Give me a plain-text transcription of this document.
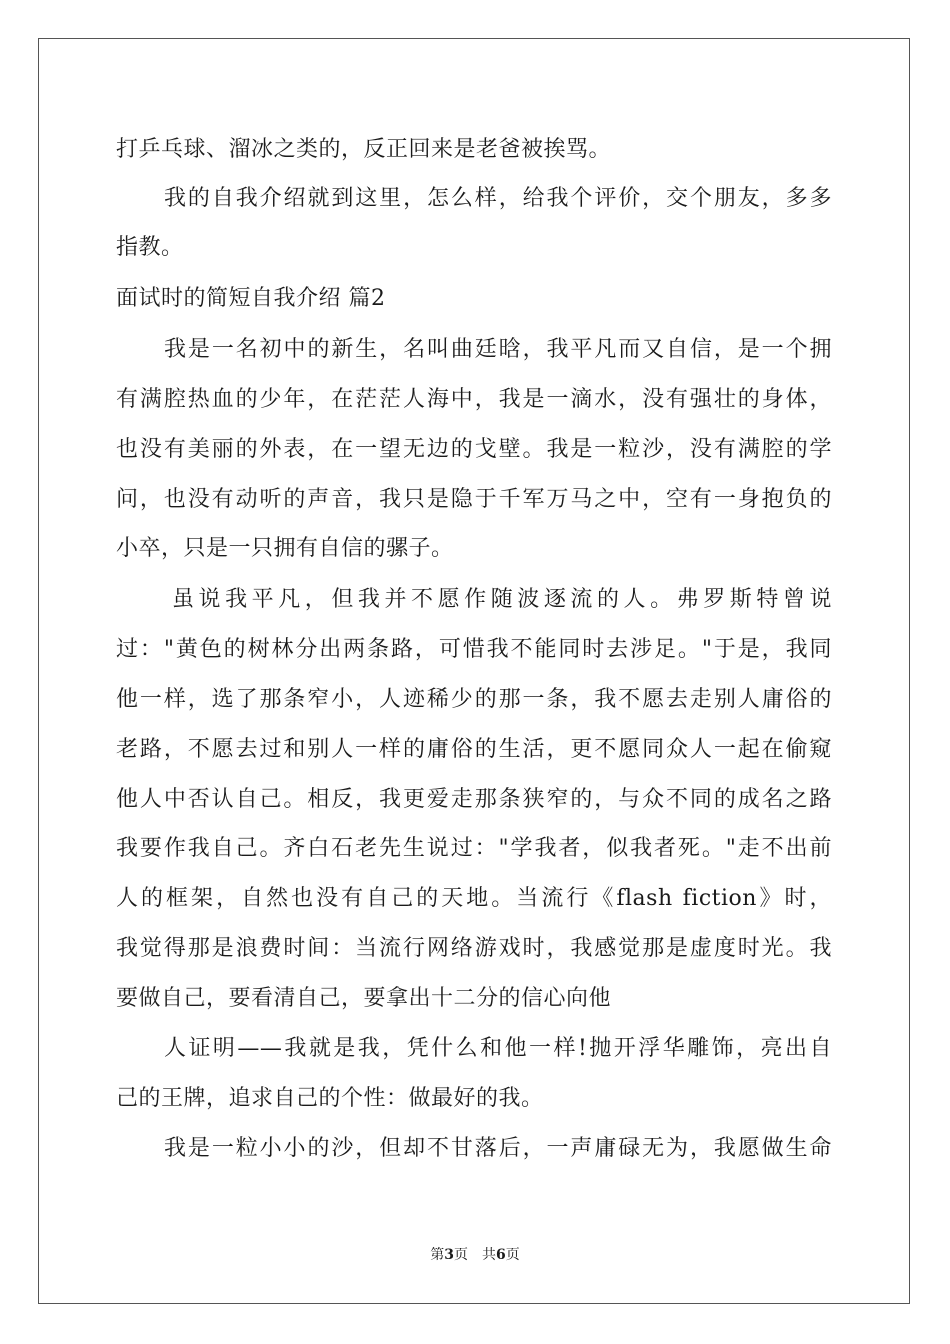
打乒乓球、溜冰之类的，反正回来是老爸被挨骂。
我的自我介绍就到这里，怎么样，给我个评价，交个朋友，多多
指教。
面试时的简短自我介绍 篇2
我是一名初中的新生，名叫曲廷晗，我平凡而又自信，是一个拥
有满腔热血的少年，在茫茫人海中，我是一滴水，没有强壮的身体，
也没有美丽的外表，在一望无边的戈壁。我是一粒沙，没有满腔的学
问，也没有动听的声音，我只是隐于千军万马之中，空有一身抱负的
小卒，只是一只拥有自信的骡子。
虽说我平凡，但我并不愿作随波逐流的人。弗罗斯特曾说
过："黄色的树林分出两条路，可惜我不能同时去涉足。"于是，我同
他一样，选了那条窄小，人迹稀少的那一条，我不愿去走别人庸俗的
老路，不愿去过和别人一样的庸俗的生活，更不愿同众人一起在偷窥
他人中否认自己。相反，我更爱走那条狭窄的，与众不同的成名之路
我要作我自己。齐白石老先生说过："学我者，似我者死。"走不出前
人的框架，自然也没有自己的天地。当流行《flash fiction》时，
我觉得那是浪费时间：当流行网络游戏时，我感觉那是虚度时光。我
要做自己，要看清自己，要拿出十二分的信心向他
人证明——我就是我，凭什么和他一样!抛开浮华雕饰，亮出自
己的王牌，追求自己的个性：做最好的我。
我是一粒小小的沙，但却不甘落后，一声庸碌无为，我愿做生命
第3页　共6页
